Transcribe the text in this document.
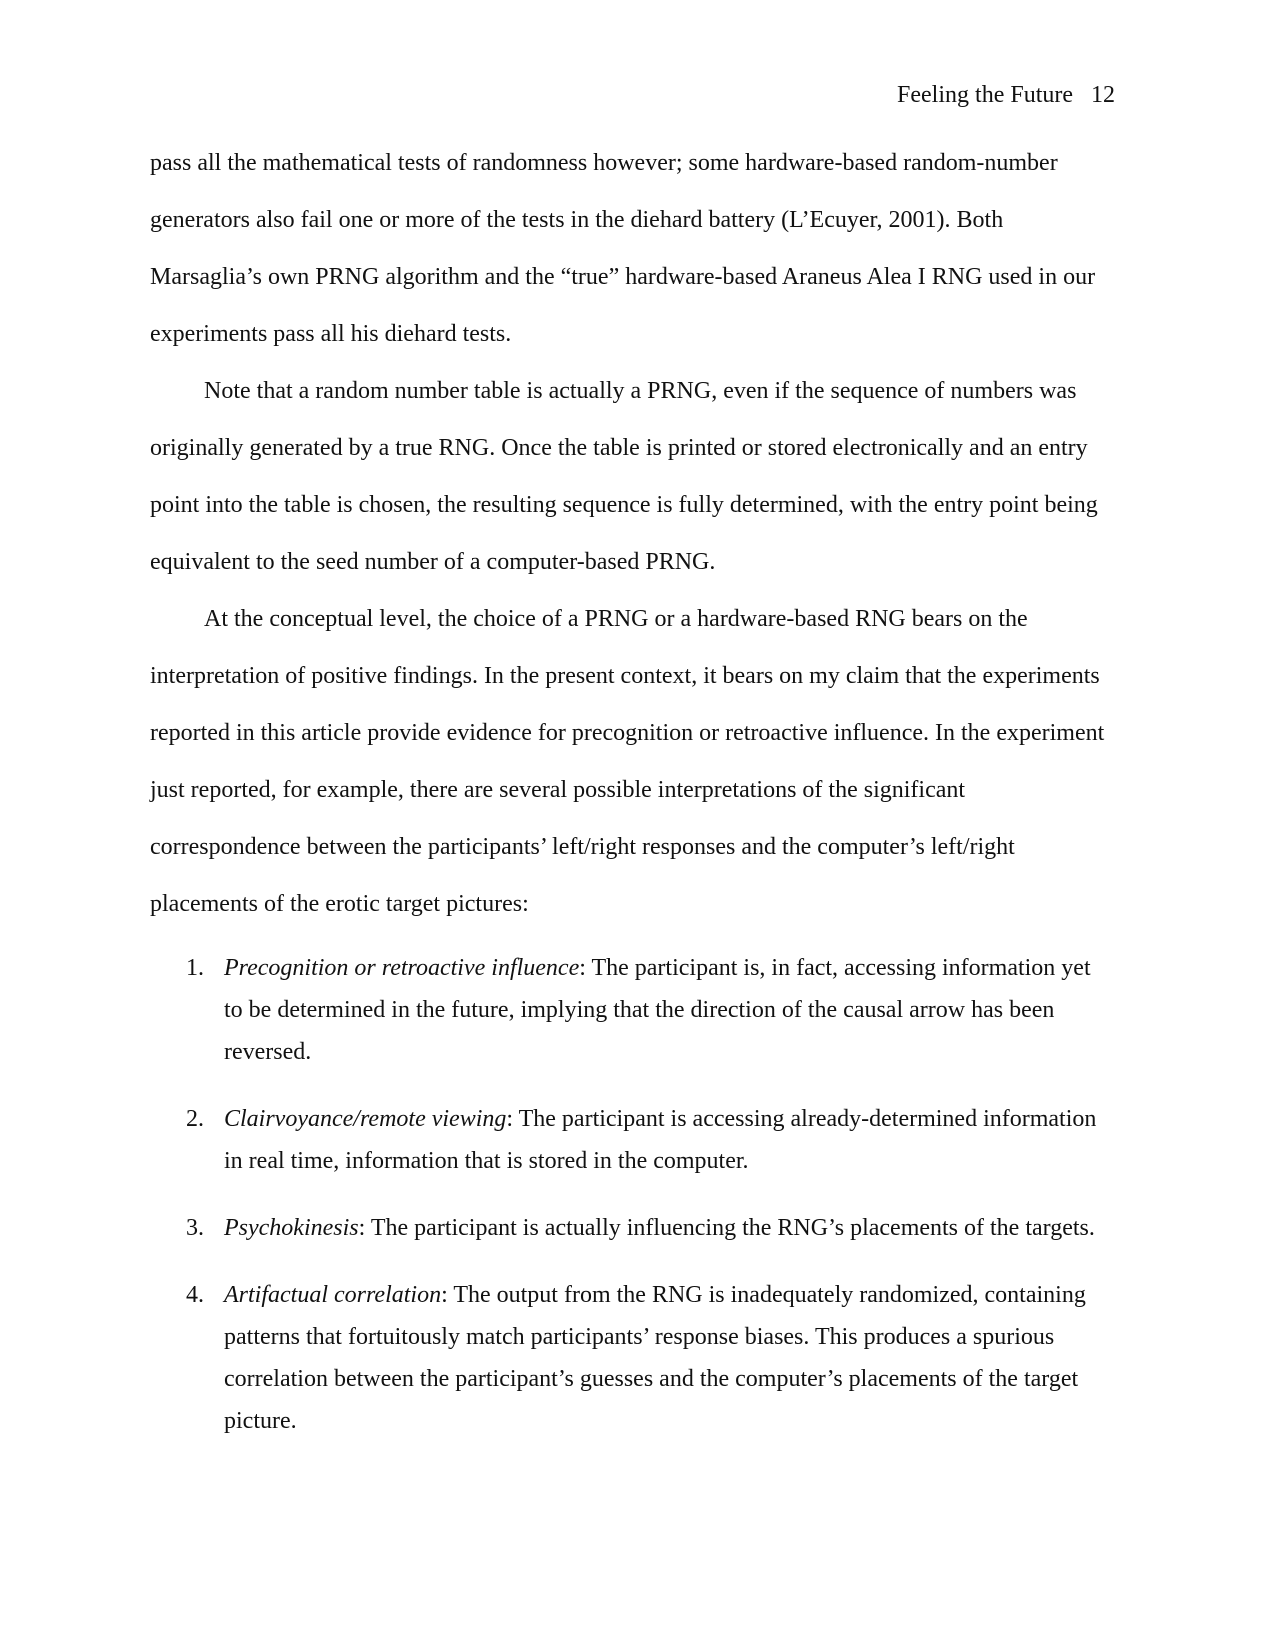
Feeling the Future 12

pass all the mathematical tests of randomness however; some hardware-based random-number generators also fail one or more of the tests in the diehard battery (L’Ecuyer, 2001). Both Marsaglia’s own PRNG algorithm and the “true” hardware-based Araneus Alea I RNG used in our experiments pass all his diehard tests.

Note that a random number table is actually a PRNG, even if the sequence of numbers was originally generated by a true RNG. Once the table is printed or stored electronically and an entry point into the table is chosen, the resulting sequence is fully determined, with the entry point being equivalent to the seed number of a computer-based PRNG.

At the conceptual level, the choice of a PRNG or a hardware-based RNG bears on the interpretation of positive findings. In the present context, it bears on my claim that the experiments reported in this article provide evidence for precognition or retroactive influence. In the experiment just reported, for example, there are several possible interpretations of the significant correspondence between the participants’ left/right responses and the computer’s left/right placements of the erotic target pictures:

1. Precognition or retroactive influence: The participant is, in fact, accessing information yet to be determined in the future, implying that the direction of the causal arrow has been reversed.
2. Clairvoyance/remote viewing: The participant is accessing already-determined information in real time, information that is stored in the computer.
3. Psychokinesis: The participant is actually influencing the RNG’s placements of the targets.
4. Artifactual correlation: The output from the RNG is inadequately randomized, containing patterns that fortuitously match participants’ response biases. This produces a spurious correlation between the participant’s guesses and the computer’s placements of the target picture.
